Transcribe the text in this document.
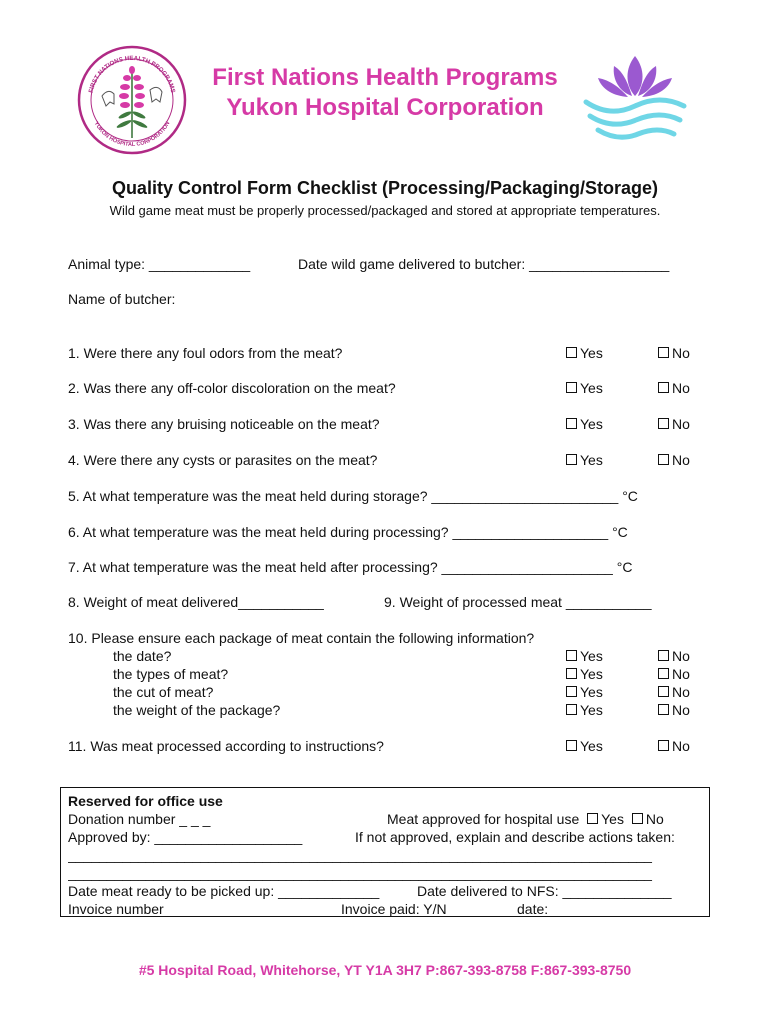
FIRST NATIONS HEALTH PROGRAMS
YUKON HOSPITAL CORPORATION
First Nations Health Programs
Yukon Hospital Corporation
Quality Control Form Checklist (Processing/Packaging/Storage)
Wild game meat must be properly processed/packaged and stored at appropriate temperatures.
Animal type: _____________	Date wild game delivered to butcher: __________________
Name of butcher:
1. Were there any foul odors from the meat?	Yes	No
2. Was there any off-color discoloration on the meat?	Yes	No
3. Was there any bruising noticeable on the meat?	Yes	No
4. Were there any cysts or parasites on the meat?	Yes	No
5. At what temperature was the meat held during storage? ________________________ °C
6. At what temperature was the meat held during processing? ____________________ °C
7. At what temperature was the meat held after processing? ______________________ °C
8. Weight of meat delivered___________	9. Weight of processed meat ___________
10. Please ensure each package of meat contain the following information?
the date?	Yes	No
the types of meat?	Yes	No
the cut of meat?	Yes	No
the weight of the package?	Yes	No
11. Was meat processed according to instructions?	Yes	No
Reserved for office use
Donation number _ _ _	Meat approved for hospital use Yes No
Approved by: ___________________	If not approved, explain and describe actions taken:
___________________________________________________________________________
___________________________________________________________________________
Date meat ready to be picked up: _____________	Date delivered to NFS: ______________
Invoice number _________________	Invoice paid: Y/N	date:_________________
#5 Hospital Road, Whitehorse, YT Y1A 3H7 P:867-393-8758 F:867-393-8750
